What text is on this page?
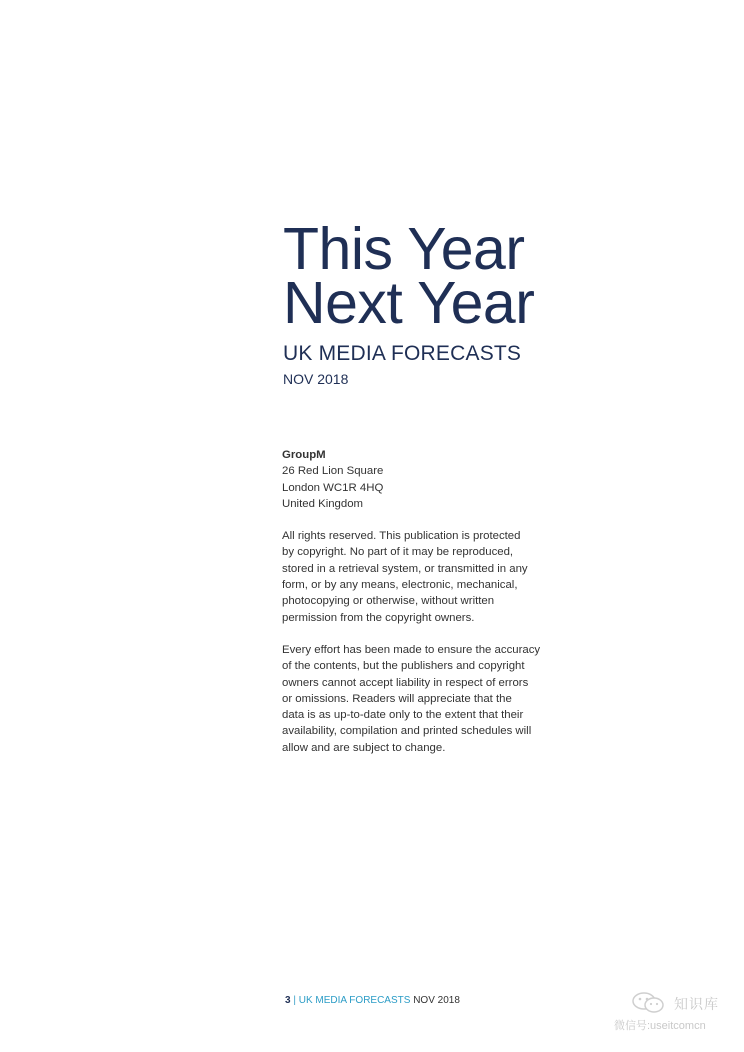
This Year
Next Year
UK MEDIA FORECASTS
NOV 2018
GroupM
26 Red Lion Square
London WC1R 4HQ
United Kingdom
All rights reserved. This publication is protected
by copyright. No part of it may be reproduced,
stored in a retrieval system, or transmitted in any
form, or by any means, electronic, mechanical,
photocopying or otherwise, without written
permission from the copyright owners.
Every effort has been made to ensure the accuracy
of the contents, but the publishers and copyright
owners cannot accept liability in respect of errors
or omissions. Readers will appreciate that the
data is as up-to-date only to the extent that their
availability, compilation and printed schedules will
allow and are subject to change.
3 | UK MEDIA FORECASTS NOV 2018	知识库
微信号:useitcomcn
